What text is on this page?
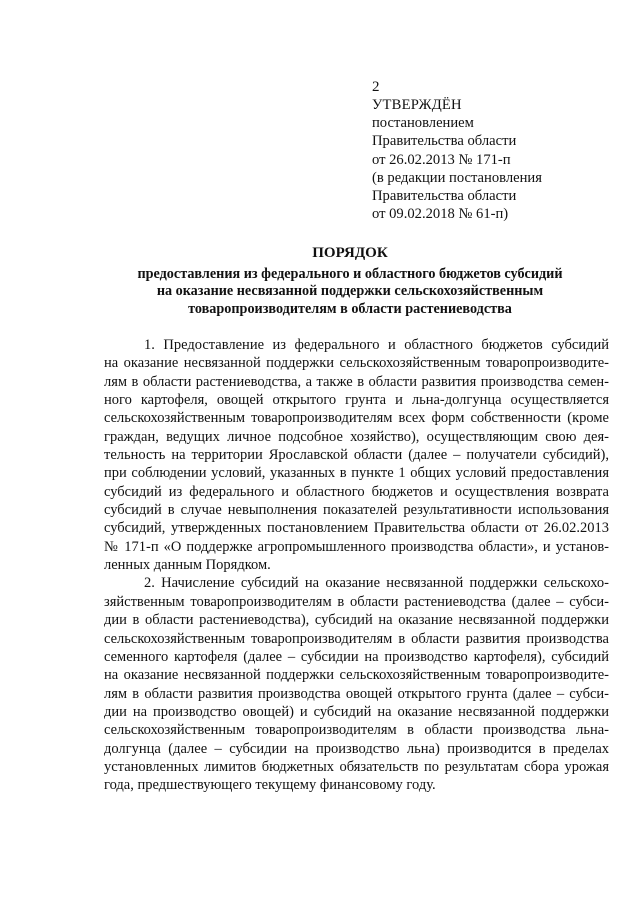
2
УТВЕРЖДЁН
постановлением
Правительства области
от 26.02.2013 № 171-п
(в редакции постановления
Правительства области
от 09.02.2018 № 61-п)
ПОРЯДОК
предоставления из федерального и областного бюджетов субсидий
на оказание несвязанной поддержки сельскохозяйственным
товаропроизводителям в области растениеводства
1. Предоставление из федерального и областного бюджетов субсидий
на оказание несвязанной поддержки сельскохозяйственным товаропроизводите-
лям в области растениеводства, а также в области развития производства семен-
ного картофеля, овощей открытого грунта и льна-долгунца осуществляется
сельскохозяйственным товаропроизводителям всех форм собственности (кроме
граждан, ведущих личное подсобное хозяйство), осуществляющим свою дея-
тельность на территории Ярославской области (далее – получатели субсидий),
при соблюдении условий, указанных в пункте 1 общих условий предоставления
субсидий из федерального и областного бюджетов и осуществления возврата
субсидий в случае невыполнения показателей результативности использования
субсидий, утвержденных постановлением Правительства области от 26.02.2013
№ 171-п «О поддержке агропромышленного производства области», и установ-
ленных данным Порядком.
2. Начисление субсидий на оказание несвязанной поддержки сельскохо-
зяйственным товаропроизводителям в области растениеводства (далее – субси-
дии в области растениеводства), субсидий на оказание несвязанной поддержки
сельскохозяйственным товаропроизводителям в области развития производства
семенного картофеля (далее – субсидии на производство картофеля), субсидий
на оказание несвязанной поддержки сельскохозяйственным товаропроизводите-
лям в области развития производства овощей открытого грунта (далее – субси-
дии на производство овощей) и субсидий на оказание несвязанной поддержки
сельскохозяйственным товаропроизводителям в области производства льна-
долгунца (далее – субсидии на производство льна) производится в пределах
установленных лимитов бюджетных обязательств по результатам сбора урожая
года, предшествующего текущему финансовому году.
